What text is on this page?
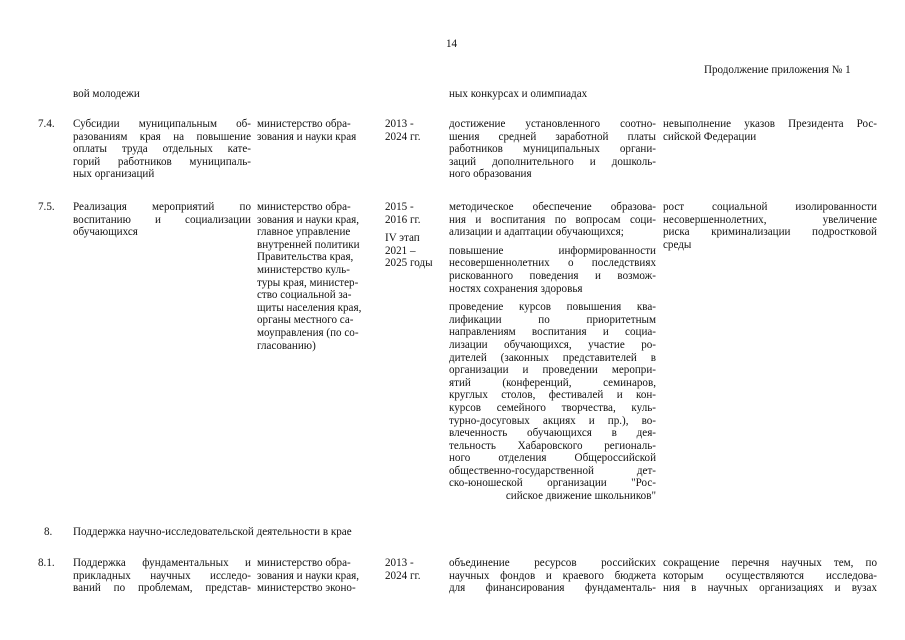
14
Продолжение приложения № 1
вой молодежи	ных конкурсах и олимпиадах
7.4. Субсидии муниципальным об-
разованиям края на повышение
оплаты труда отдельных кате-
горий работников муниципаль-
ных организаций
министерство обра-
зования и науки края
2013 -
2024 гг.
достижение установленного соотно-
шения средней заработной платы
работников муниципальных органи-
заций дополнительного и дошколь-
ного образования
невыполнение указов Президента Рос-
сийской Федерации
7.5. Реализация мероприятий по
воспитанию и социализации
обучающихся
министерство обра-
зования и науки края,
главное управление
внутренней политики
Правительства края,
министерство куль-
туры края, министер-
ство социальной за-
щиты населения края,
органы местного са-
моуправления (по со-
гласованию)
2015 -
2016 гг.
IV этап
2021 –
2025 годы
методическое обеспечение образова-
ния и воспитания по вопросам соци-
ализации и адаптации обучающихся;
повышение информированности
несовершеннолетних о последствиях
рискованного поведения и возмож-
ностях сохранения здоровья
проведение курсов повышения ква-
лификации по приоритетным
направлениям воспитания и социа-
лизации обучающихся, участие ро-
дителей (законных представителей в
организации и проведении меропри-
ятий (конференций, семинаров,
круглых столов, фестивалей и кон-
курсов семейного творчества, куль-
турно-досуговых акциях и пр.), во-
влеченность обучающихся в дея-
тельность Хабаровского региональ-
ного отделения Общероссийской
общественно-государственной дет-
ско-юношеской организации "Рос-
сийское движение школьников"
рост социальной изолированности
несовершеннолетних, увеличение
риска криминализации подростковой
среды
8. Поддержка научно-исследовательской деятельности в крае
8.1. Поддержка фундаментальных и
прикладных научных исследо-
ваний по проблемам, представ-
министерство обра-
зования и науки края,
министерство эконо-
2013 -
2024 гг.
объединение ресурсов российских
научных фондов и краевого бюджета
для финансирования фундаменталь-
сокращение перечня научных тем, по
которым осуществляются исследова-
ния в научных организациях и вузах
